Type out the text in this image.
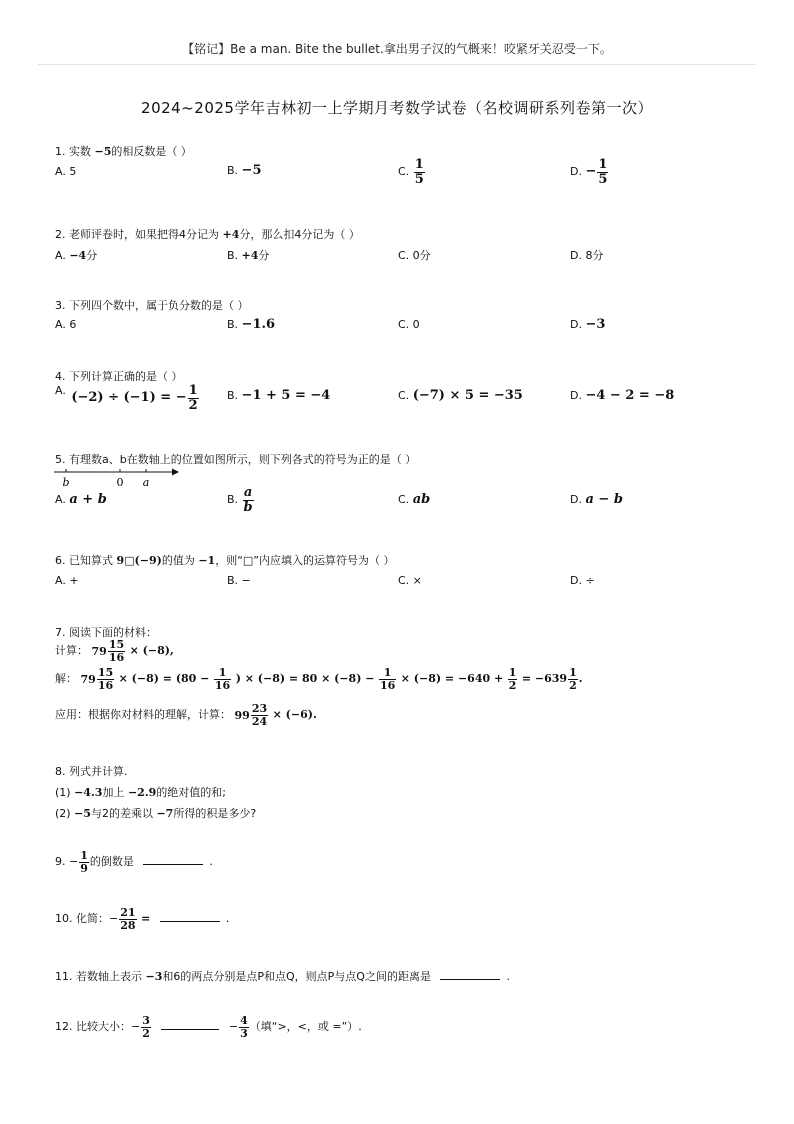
【铭记】Be a man. Bite the bullet.拿出男子汉的气概来！咬紧牙关忍受一下。
2024~2025学年吉林初一上学期月考数学试卷（名校调研系列卷第一次）
1. 实数 −5的相反数是（ ）
A. 5	B. −5	C. $\frac{1}{5}$	D. − $\frac{1}{5}$
2. 老师评卷时，如果把得4分记为 +4分，那么扣4分记为（ ）
A. −4分	B. +4分	C. 0分	D. 8分
3. 下列四个数中，属于负分数的是（ ）
A. 6	B. −1.6	C. 0	D. −3
4. 下列计算正确的是（ ）
A. (−2) ÷ (−1) = − $\frac{1}{2}$	B. −1 + 5 = −4	C. (−7) × 5 = −35	D. −4 − 2 = −8
5. 有理数a、b在数轴上的位置如图所示，则下列各式的符号为正的是（ ）
b	0 a
A. a + b	B. $\frac{a}{b}$	C. ab	D. a − b
6. 已知算式 9□(−9)的值为 −1，则“□”内应填入的运算符号为（ ）
A. +	B. −	C. ×	D. ÷
7. 阅读下面的材料：
计算： $79 \frac{15}{16} \times (-8)$,
解： $79 \frac{15}{16} \times (-8) = (80 - \frac{1}{16}$ ) × $(-8) = 80 \times (-8) - \frac{1}{16} \times (-8) = -640 + \frac{1}{2} = -639 \frac{1}{2}$ .
应用：根据你对材料的理解，计算： $99 \frac{23}{24} \times (-6)$.
8. 列式并计算.
(1) −4.3加上 −2.9的绝对值的和;
(2) −5与2的差乘以 −7所得的积是多少?
9. − $\frac{1}{9}$ 的倒数是	.
10. 化简：− $\frac{21}{28}$ =	.
11. 若数轴上表示 −3和6的两点分别是点P和点Q，则点P与点Q之间的距离是	.
12. 比较大小：− $\frac{3}{2}$	− $\frac{4}{3}$ （填“>，<，或 =”）.
